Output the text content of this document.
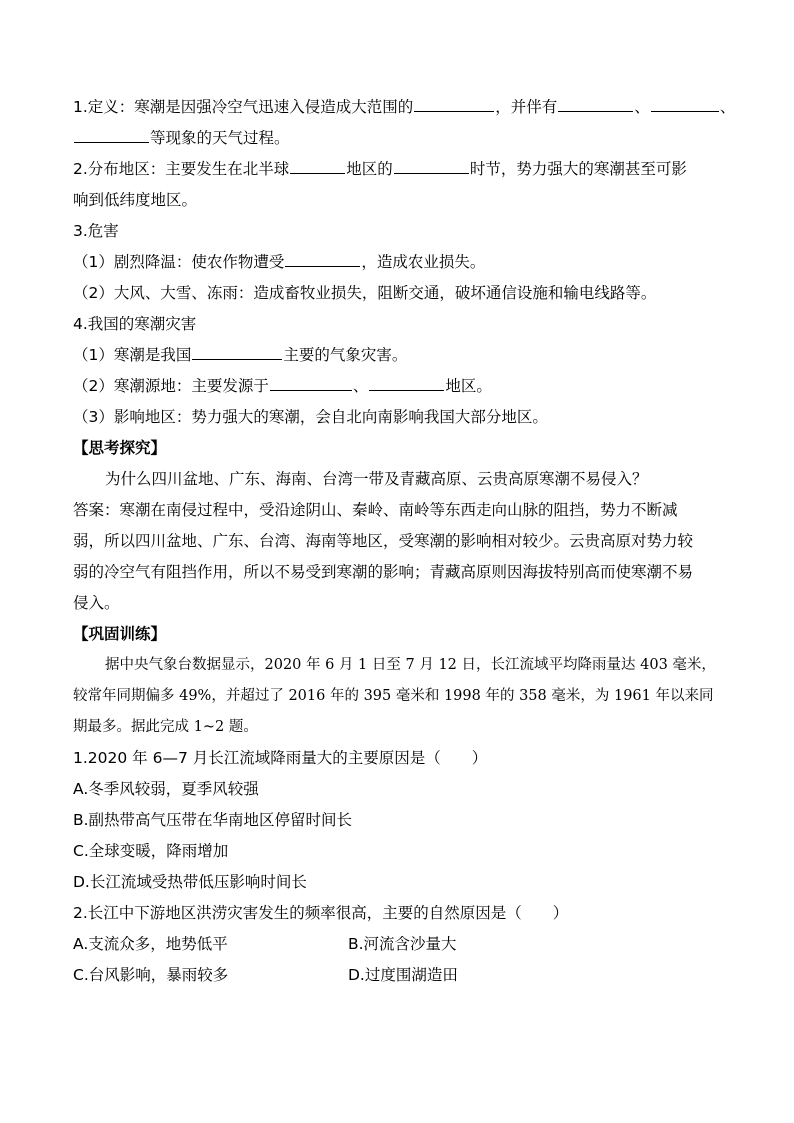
1.定义：寒潮是因强冷空气迅速入侵造成大范围的	，并伴有	、	、
等现象的天气过程。
2.分布地区：主要发生在北半球	地区的	时节，势力强大的寒潮甚至可影
响到低纬度地区。
3.危害
（1）剧烈降温：使农作物遭受	，造成农业损失。
（2）大风、大雪、冻雨：造成畜牧业损失，阻断交通，破坏通信设施和输电线路等。
4.我国的寒潮灾害
（1）寒潮是我国	主要的气象灾害。
（2）寒潮源地：主要发源于	、	地区。
（3）影响地区：势力强大的寒潮，会自北向南影响我国大部分地区。
【思考探究】
为什么四川盆地、广东、海南、台湾一带及青藏高原、云贵高原寒潮不易侵入？
答案：寒潮在南侵过程中，受沿途阴山、秦岭、南岭等东西走向山脉的阻挡，势力不断减
弱，所以四川盆地、广东、台湾、海南等地区，受寒潮的影响相对较少。云贵高原对势力较
弱的冷空气有阻挡作用，所以不易受到寒潮的影响；青藏高原则因海拔特别高而使寒潮不易
侵入。
【巩固训练】
据中央气象台数据显示，2020 年 6 月 1 日至 7 月 12 日，长江流域平均降雨量达 403 毫米，
较常年同期偏多 49%，并超过了 2016 年的 395 毫米和 1998 年的 358 毫米，为 1961 年以来同
期最多。据此完成 1~2 题。
1.2020 年 6—7 月长江流域降雨量大的主要原因是（　　）
A.冬季风较弱，夏季风较强
B.副热带高气压带在华南地区停留时间长
C.全球变暖，降雨增加
D.长江流域受热带低压影响时间长
2.长江中下游地区洪涝灾害发生的频率很高，主要的自然原因是（　　）
A.支流众多，地势低平	B.河流含沙量大
C.台风影响，暴雨较多	D.过度围湖造田
